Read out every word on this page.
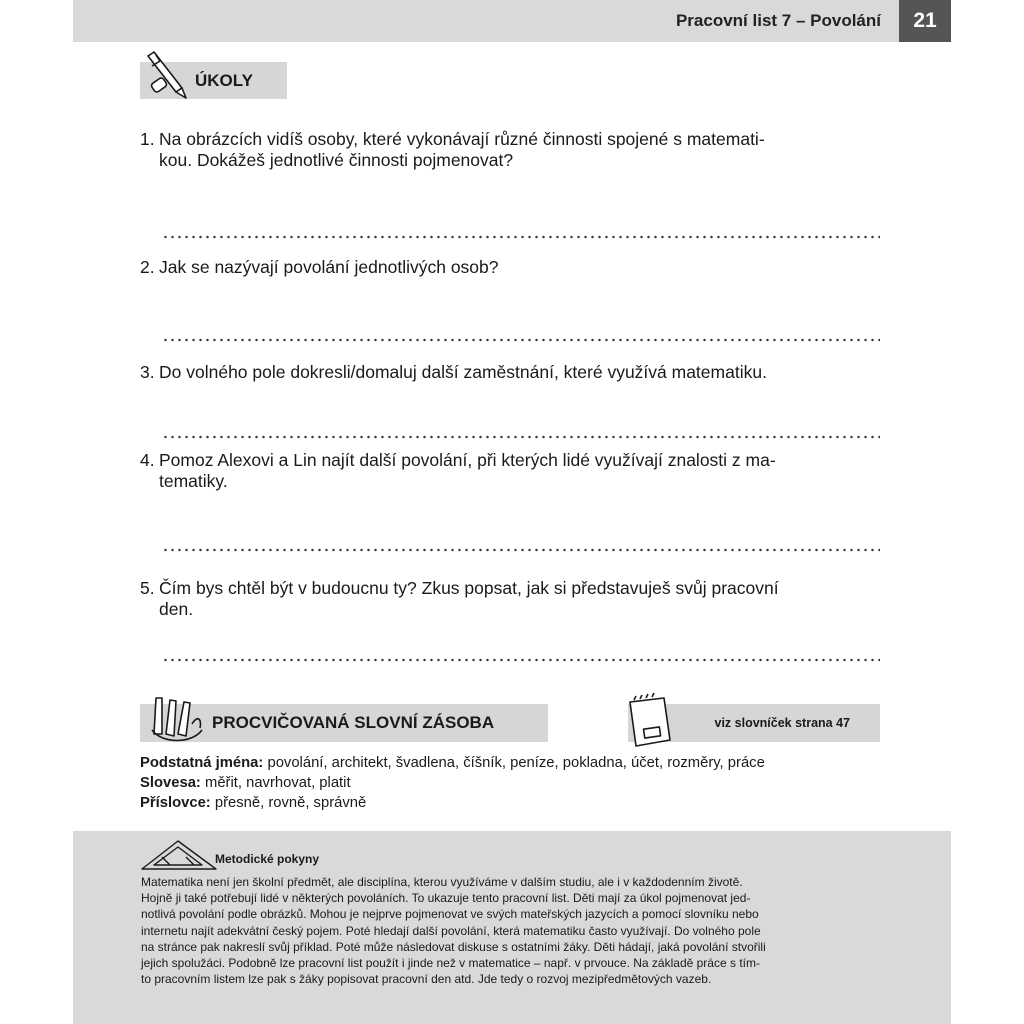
Pracovní list 7 – Povolání	21
ÚKOLY
1. Na obrázcích vidíš osoby, které vykonávají různé činnosti spojené s matemati-
kou. Dokážeš jednotlivé činnosti pojmenovat?
2. Jak se nazývají povolání jednotlivých osob?
3. Do volného pole dokresli/domaluj další zaměstnání, které využívá matematiku.
4. Pomoz Alexovi a Lin najít další povolání, při kterých lidé využívají znalosti z ma-
tematiky.
5. Čím bys chtěl být v budoucnu ty? Zkus popsat, jak si představuješ svůj pracovní
den.
PROCVIČOVANÁ SLOVNÍ ZÁSOBA	viz slovníček strana 47
Podstatná jména: povolání, architekt, švadlena, číšník, peníze, pokladna, účet, rozměry, práce
Slovesa: měřit, navrhovat, platit
Příslovce: přesně, rovně, správně
Metodické pokyny
Matematika není jen školní předmět, ale disciplína, kterou využíváme v dalším studiu, ale i v každodenním životě.
Hojně ji také potřebují lidé v některých povoláních. To ukazuje tento pracovní list. Děti mají za úkol pojmenovat jed-
notlivá povolání podle obrázků. Mohou je nejprve pojmenovat ve svých mateřských jazycích a pomocí slovníku nebo
internetu najít adekvátní český pojem. Poté hledají další povolání, která matematiku často využívají. Do volného pole
na stránce pak nakreslí svůj příklad. Poté může následovat diskuse s ostatními žáky. Děti hádají, jaká povolání stvořili
jejich spolužáci. Podobně lze pracovní list použít i jinde než v matematice – např. v prvouce. Na základě práce s tím-
to pracovním listem lze pak s žáky popisovat pracovní den atd. Jde tedy o rozvoj mezipředmětových vazeb.
